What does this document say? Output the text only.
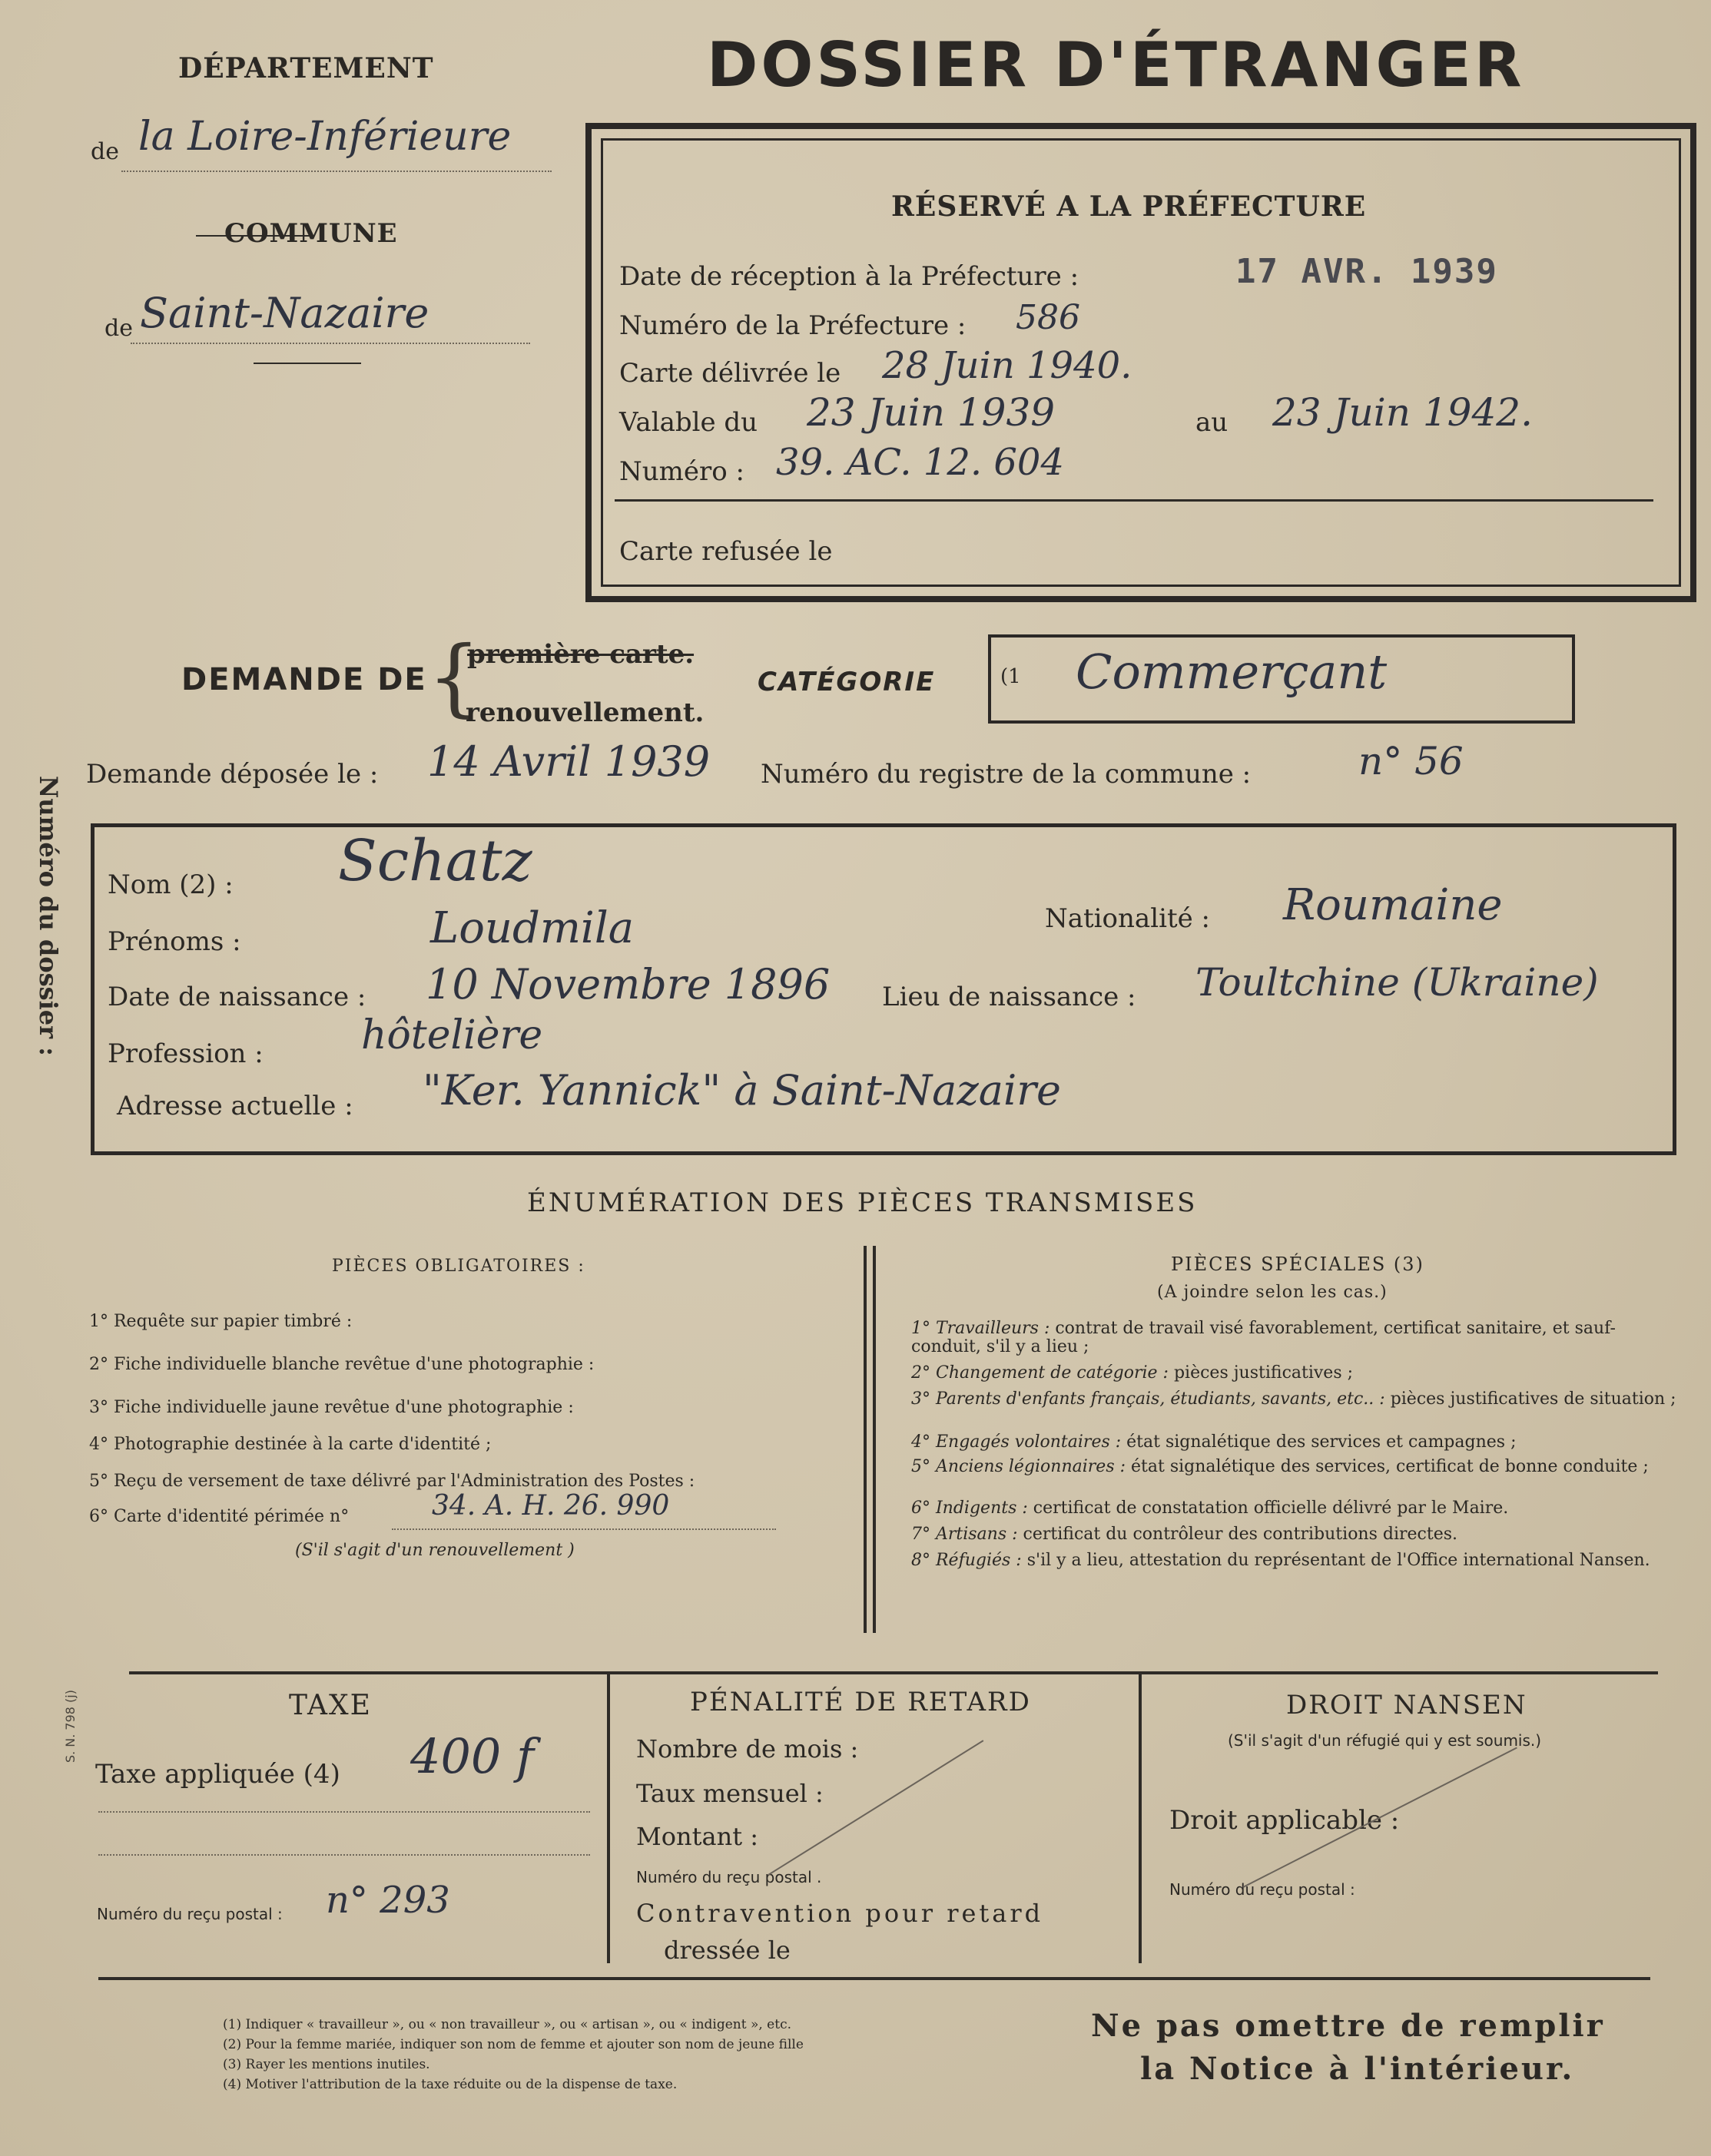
DÉPARTEMENT
de la Loire-Inférieure
COMMUNE
de Saint-Nazaire
DOSSIER D'ÉTRANGER
RÉSERVÉ A LA PRÉFECTURE
Date de réception à la Préfecture :	17 AVR. 1939
Numéro de la Préfecture : 586
Carte délivrée le 28 Juin 1940.
Valable du 23 Juin 1939	au 23 Juin 1942.
Numéro : 39. AC. 12. 604
Carte refusée le
DEMANDE DE {
première carte.
renouvellement.
CATÉGORIE	(1 Commerçant
Demande déposée le : 14 Avril 1939 Numéro du registre de la commune :	n° 56
Numéro du dossier : Nom (2) : Schatz
Prénoms :	Loudmila	Nationalité : Roumaine
Date de naissance : 10 Novembre 1896 Lieu de naissance : Toultchine (Ukraine)
Profession : hôtelière
Adresse actuelle : "Ker. Yannick" à Saint-Nazaire
ÉNUMÉRATION DES PIÈCES TRANSMISES
PIÈCES OBLIGATOIRES :
1° Requête sur papier timbré :
2° Fiche individuelle blanche revêtue d'une photographie :
3° Fiche individuelle jaune revêtue d'une photographie :
4° Photographie destinée à la carte d'identité ;
5° Reçu de versement de taxe délivré par l'Administration des Postes :
6° Carte d'identité périmée n°	34. A. H. 26. 990
(S'il s'agit d'un renouvellement )
PIÈCES SPÉCIALES (3)
(A joindre selon les cas.)
1° Travailleurs : contrat de travail visé favorablement, certificat sanitaire, et sauf-conduit, s'il y a lieu ;
2° Changement de catégorie : pièces justificatives ;
3° Parents d'enfants français, étudiants, savants, etc.. : pièces justificatives de situation ;
4° Engagés volontaires : état signalétique des services et campagnes ;
5° Anciens légionnaires : état signalétique des services, certificat de bonne conduite ;
6° Indigents : certificat de constatation officielle délivré par le Maire.
7° Artisans : certificat du contrôleur des contributions directes.
8° Réfugiés : s'il y a lieu, attestation du représentant de l'Office international Nansen.
TAXE
Taxe appliquée (4) 400 f
Numéro du reçu postal : n° 293
PÉNALITÉ DE RETARD
Nombre de mois :
Taux mensuel :
Montant :
Numéro du reçu postal .
Contravention pour retard
dressée le
DROIT NANSEN
(S'il s'agit d'un réfugié qui y est soumis.)
Droit applicable :
Numéro du reçu postal :
S. N. 798 (j)
(1) Indiquer « travailleur », ou « non travailleur », ou « artisan », ou « indigent », etc.
(2) Pour la femme mariée, indiquer son nom de femme et ajouter son nom de jeune fille
(3) Rayer les mentions inutiles.
(4) Motiver l'attribution de la taxe réduite ou de la dispense de taxe.
Ne pas omettre de remplir
la Notice à l'intérieur.
